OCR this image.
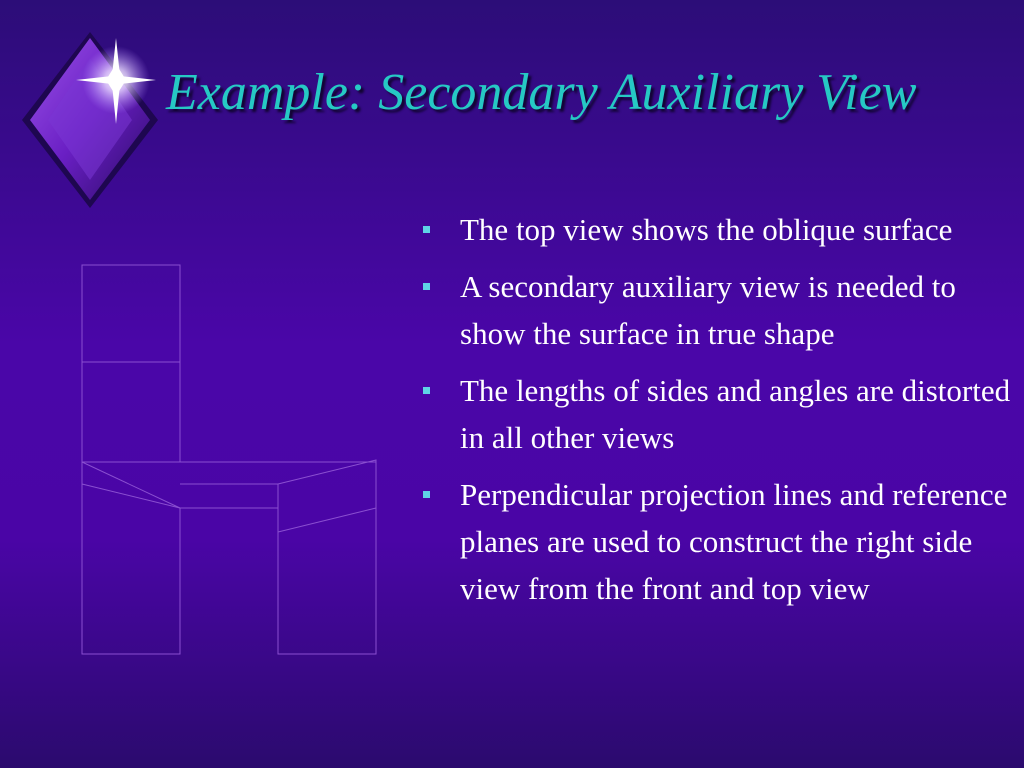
Example: Secondary Auxiliary View
The top view shows the oblique surface
A secondary auxiliary view is needed to show the surface in true shape
The lengths of sides and angles are distorted in all other views
Perpendicular projection lines and reference planes are used to construct the right side view from the front and top view
